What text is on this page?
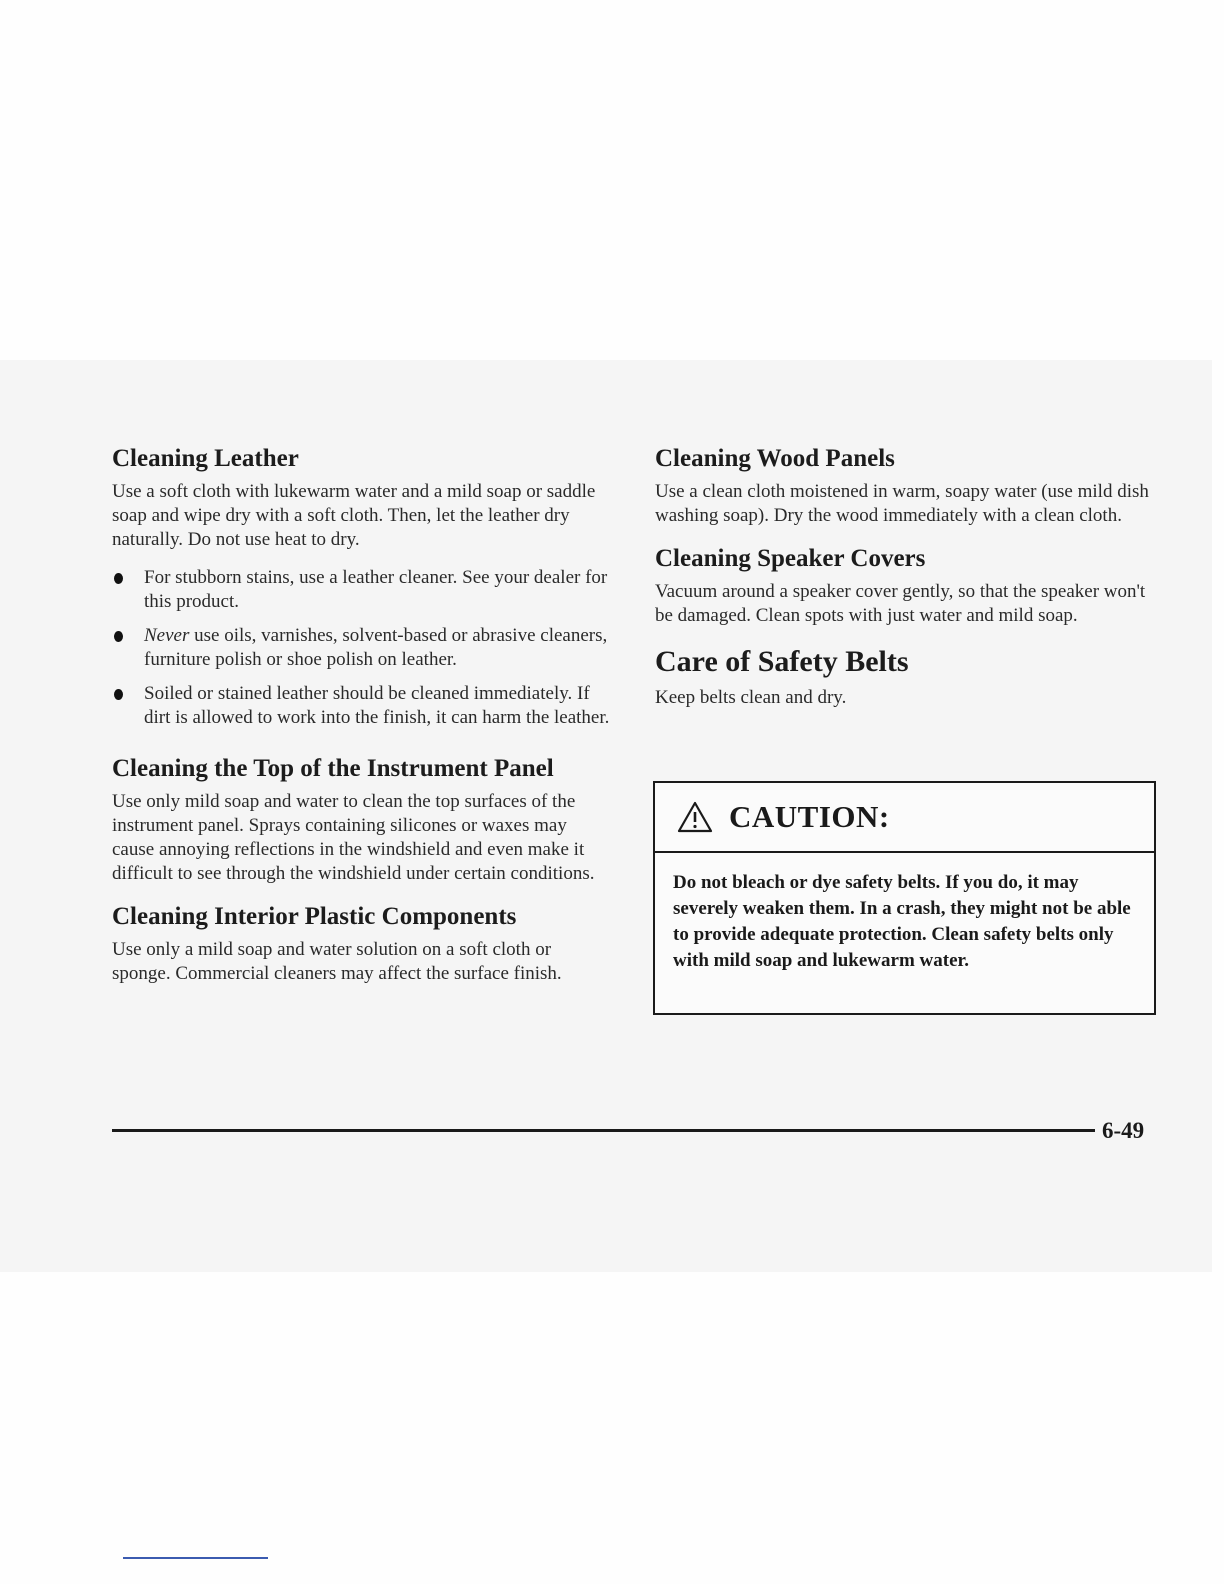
Cleaning Leather

Use a soft cloth with lukewarm water and a mild soap or saddle soap and wipe dry with a soft cloth. Then, let the leather dry naturally. Do not use heat to dry.

For stubborn stains, use a leather cleaner. See your dealer for this product.
Never use oils, varnishes, solvent-based or abrasive cleaners, furniture polish or shoe polish on leather.
Soiled or stained leather should be cleaned immediately. If dirt is allowed to work into the finish, it can harm the leather.
Cleaning the Top of the Instrument Panel

Use only mild soap and water to clean the top surfaces of the instrument panel. Sprays containing silicones or waxes may cause annoying reflections in the windshield and even make it difficult to see through the windshield under certain conditions.

Cleaning Interior Plastic Components

Use only a mild soap and water solution on a soft cloth or sponge. Commercial cleaners may affect the surface finish.

Cleaning Wood Panels

Use a clean cloth moistened in warm, soapy water (use mild dish washing soap). Dry the wood immediately with a clean cloth.

Cleaning Speaker Covers

Vacuum around a speaker cover gently, so that the speaker won't be damaged. Clean spots with just water and mild soap.

Care of Safety Belts

Keep belts clean and dry.

CAUTION:
Do not bleach or dye safety belts. If you do, it may severely weaken them. In a crash, they might not be able to provide adequate protection. Clean safety belts only with mild soap and lukewarm water.
6-49
